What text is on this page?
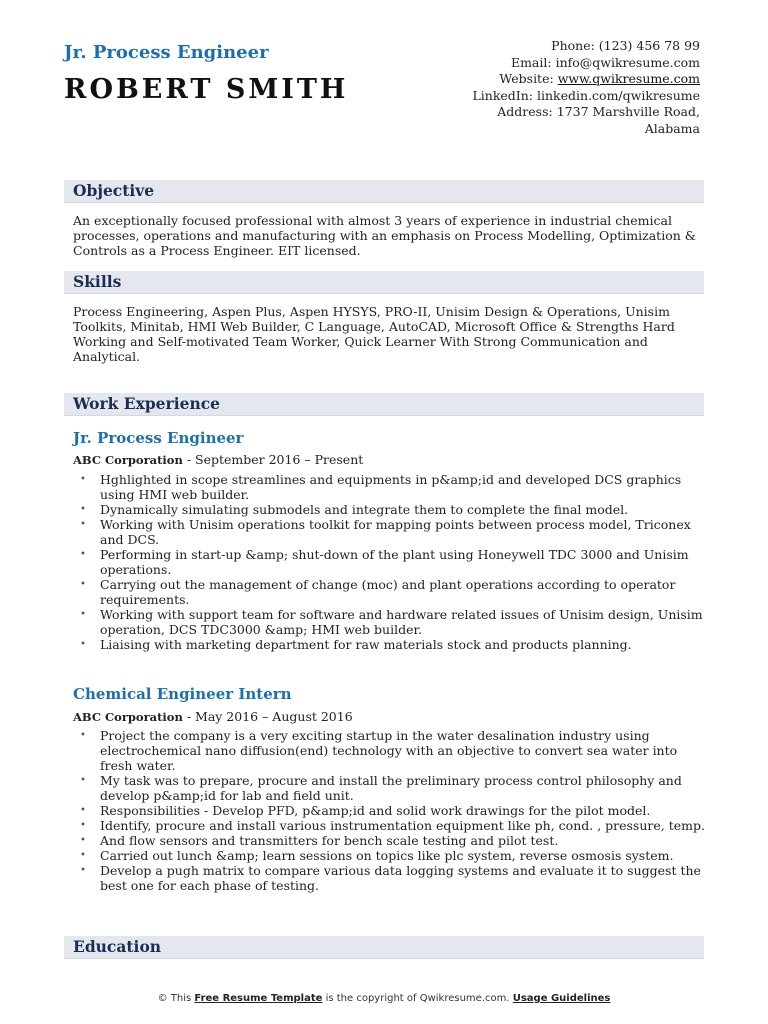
Jr. Process Engineer
ROBERT SMITH
Phone: (123) 456 78 99
Email: info@qwikresume.com
Website: www.qwikresume.com
LinkedIn: linkedin.com/qwikresume
Address: 1737 Marshville Road,
Alabama
Objective
An exceptionally focused professional with almost 3 years of experience in industrial chemical processes, operations and manufacturing with an emphasis on Process Modelling, Optimization & Controls as a Process Engineer. EIT licensed.
Skills
Process Engineering, Aspen Plus, Aspen HYSYS, PRO-II, Unisim Design & Operations, Unisim Toolkits, Minitab, HMI Web Builder, C Language, AutoCAD, Microsoft Office & Strengths Hard Working and Self-motivated Team Worker, Quick Learner With Strong Communication and Analytical.
Work Experience
Jr. Process Engineer
ABC Corporation - September 2016 – Present
• Hghlighted in scope streamlines and equipments in p&amp;id and developed DCS graphics using HMI web builder.
• Dynamically simulating submodels and integrate them to complete the final model.
• Working with Unisim operations toolkit for mapping points between process model, Triconex and DCS.
• Performing in start-up &amp; shut-down of the plant using Honeywell TDC 3000 and Unisim operations.
• Carrying out the management of change (moc) and plant operations according to operator requirements.
• Working with support team for software and hardware related issues of Unisim design, Unisim operation, DCS TDC3000 &amp; HMI web builder.
• Liaising with marketing department for raw materials stock and products planning.
Chemical Engineer Intern
ABC Corporation - May 2016 – August 2016
• Project the company is a very exciting startup in the water desalination industry using electrochemical nano diffusion(end) technology with an objective to convert sea water into fresh water.
• My task was to prepare, procure and install the preliminary process control philosophy and develop p&amp;id for lab and field unit.
• Responsibilities - Develop PFD, p&amp;id and solid work drawings for the pilot model.
• Identify, procure and install various instrumentation equipment like ph, cond. , pressure, temp.
• And flow sensors and transmitters for bench scale testing and pilot test.
• Carried out lunch &amp; learn sessions on topics like plc system, reverse osmosis system.
• Develop a pugh matrix to compare various data logging systems and evaluate it to suggest the best one for each phase of testing.
Education
© This Free Resume Template is the copyright of Qwikresume.com. Usage Guidelines
